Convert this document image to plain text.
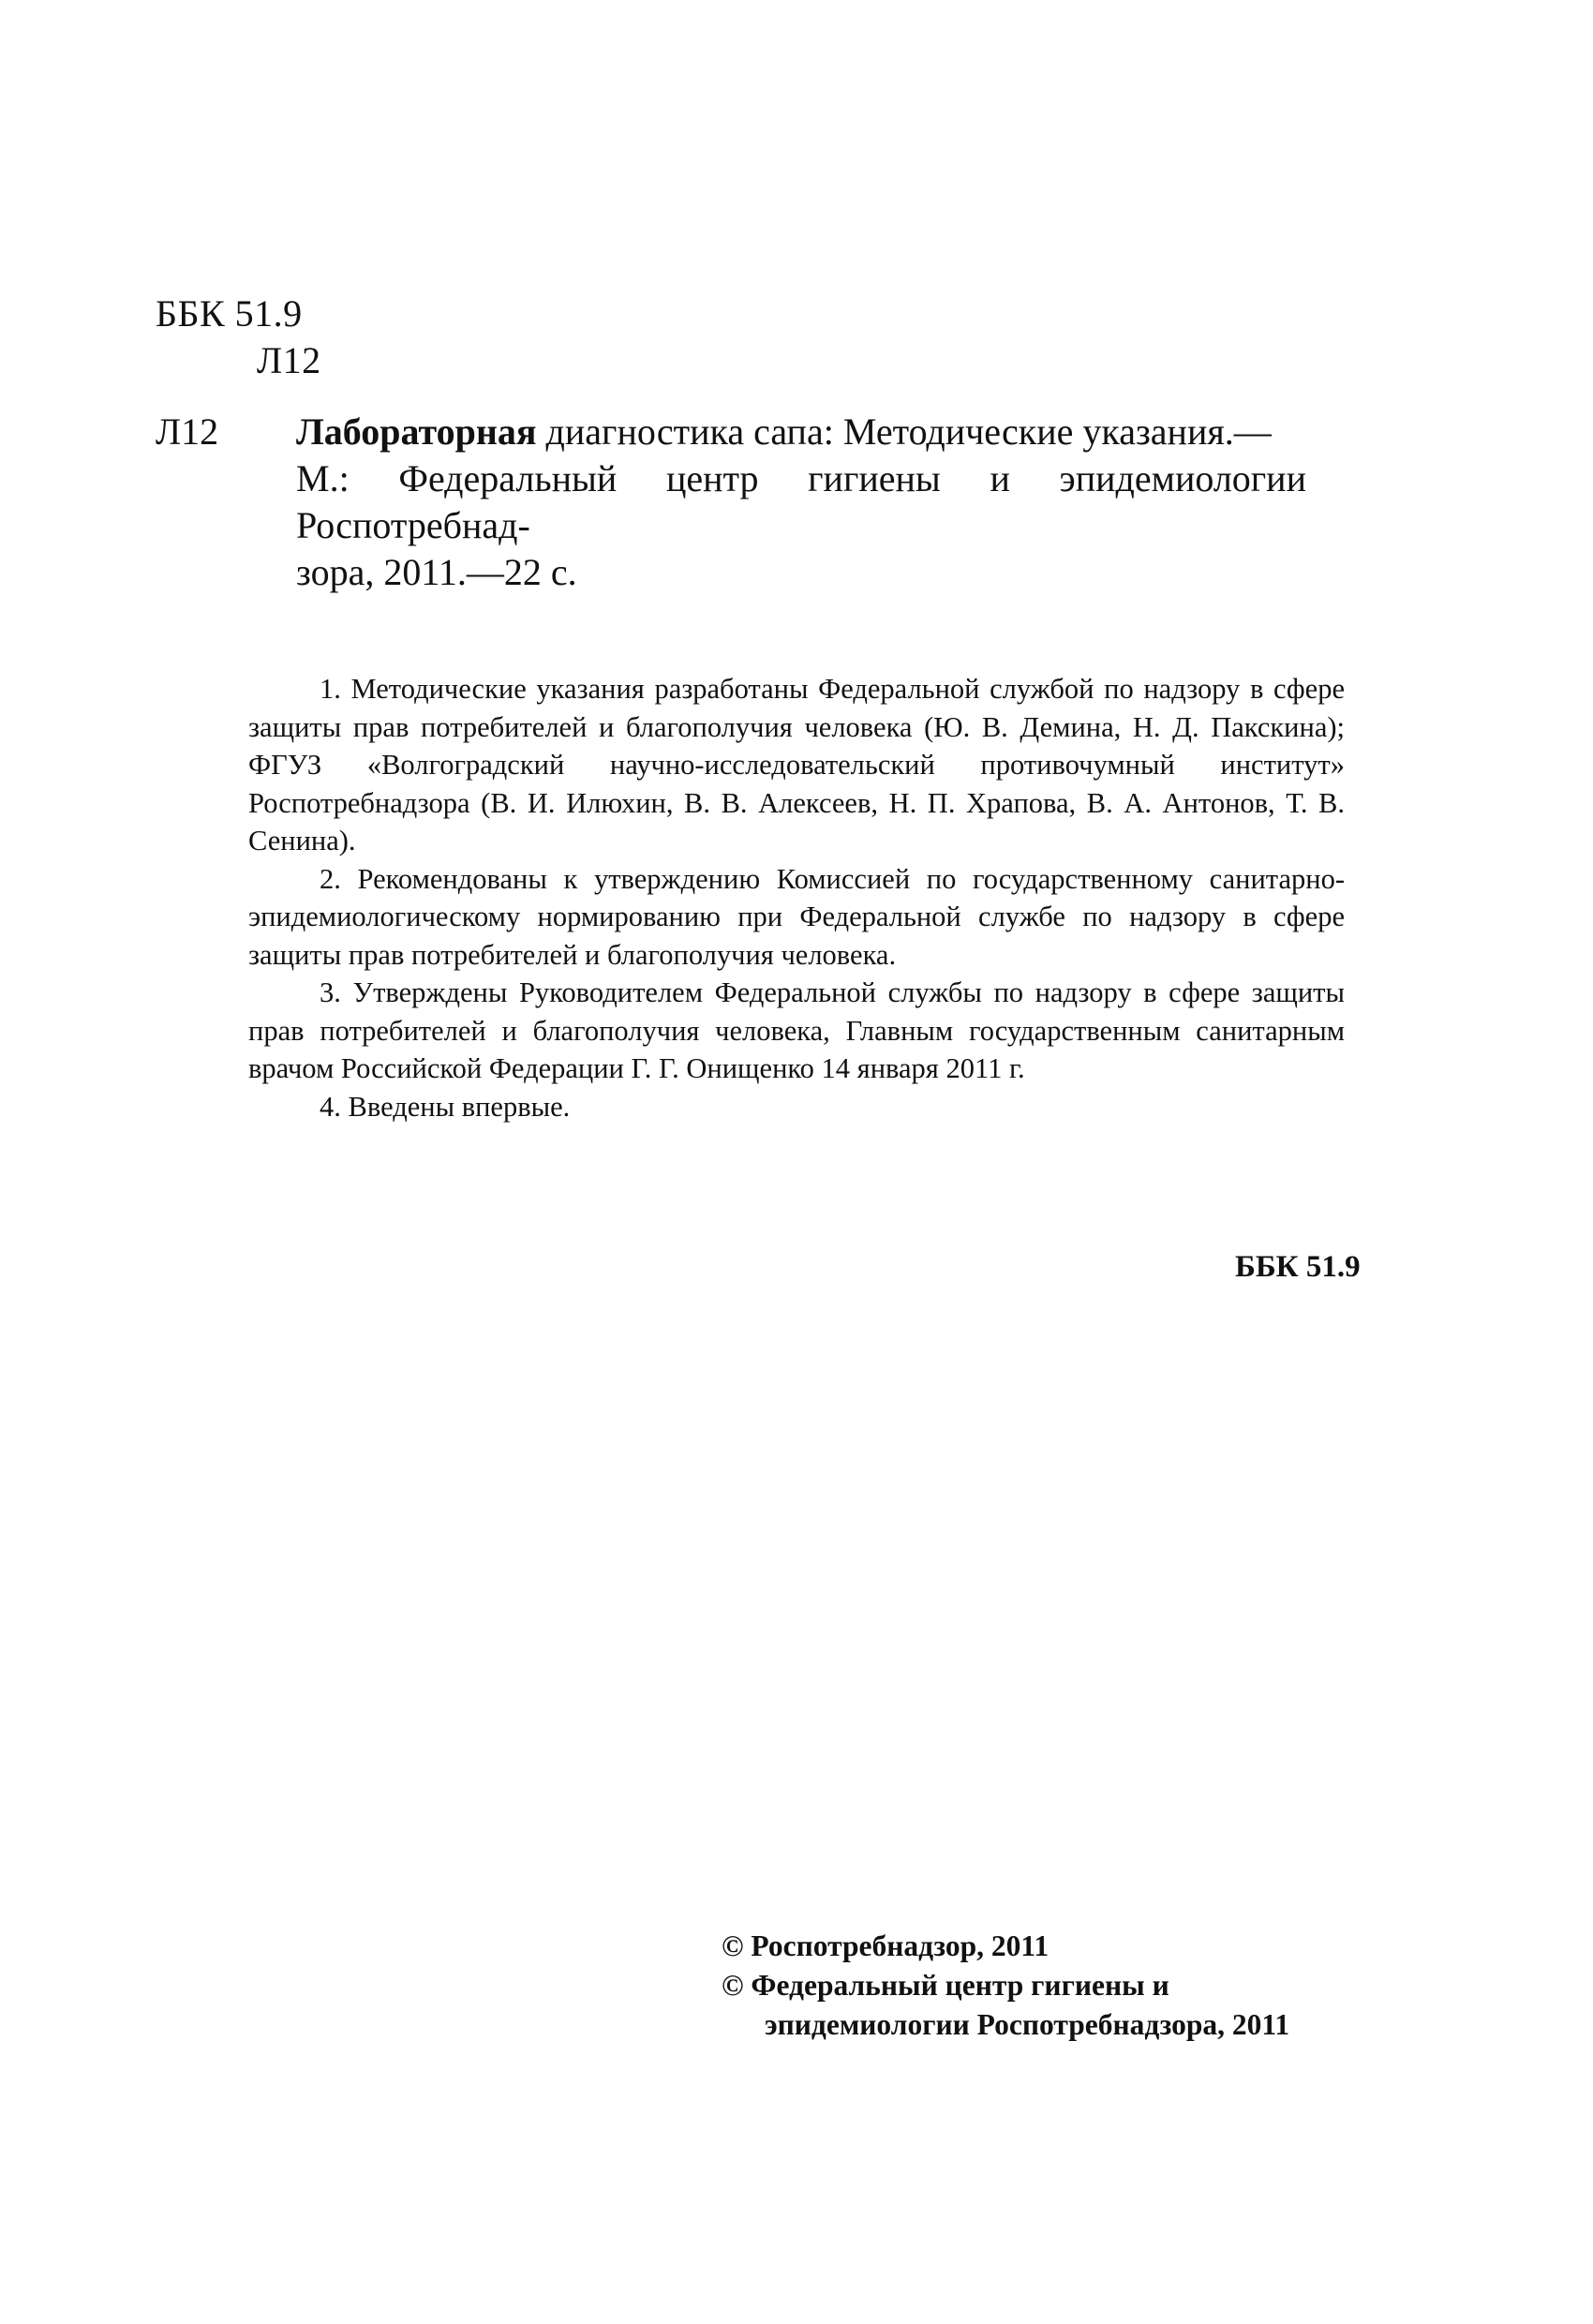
ББК 51.9
Л12
Л12 Лабораторная диагностика сапа: Методические указания.—
М.: Федеральный центр гигиены и эпидемиологии Роспотребнад-
зора, 2011.—22 с.

1. Методические указания разработаны Федеральной службой по надзору в сфере защиты прав потребителей и благополучия человека (Ю. В. Демина, Н. Д. Пакскина); ФГУЗ «Волгоградский научно-исследовательский противочумный институт» Роспотребнадзора (В. И. Илюхин, В. В. Алексеев, Н. П. Храпова, В. А. Антонов, Т. В. Сенина).

2. Рекомендованы к утверждению Комиссией по государственному санитарно-эпидемиологическому нормированию при Федеральной службе по надзору в сфере защиты прав потребителей и благополучия человека.

3. Утверждены Руководителем Федеральной службы по надзору в сфере защиты прав потребителей и благополучия человека, Главным государственным санитарным врачом Российской Федерации Г. Г. Онищенко 14 января 2011 г.

4. Введены впервые.

ББК 51.9
© Роспотребнадзор, 2011
© Федеральный центр гигиены и
эпидемиологии Роспотребнадзора, 2011
